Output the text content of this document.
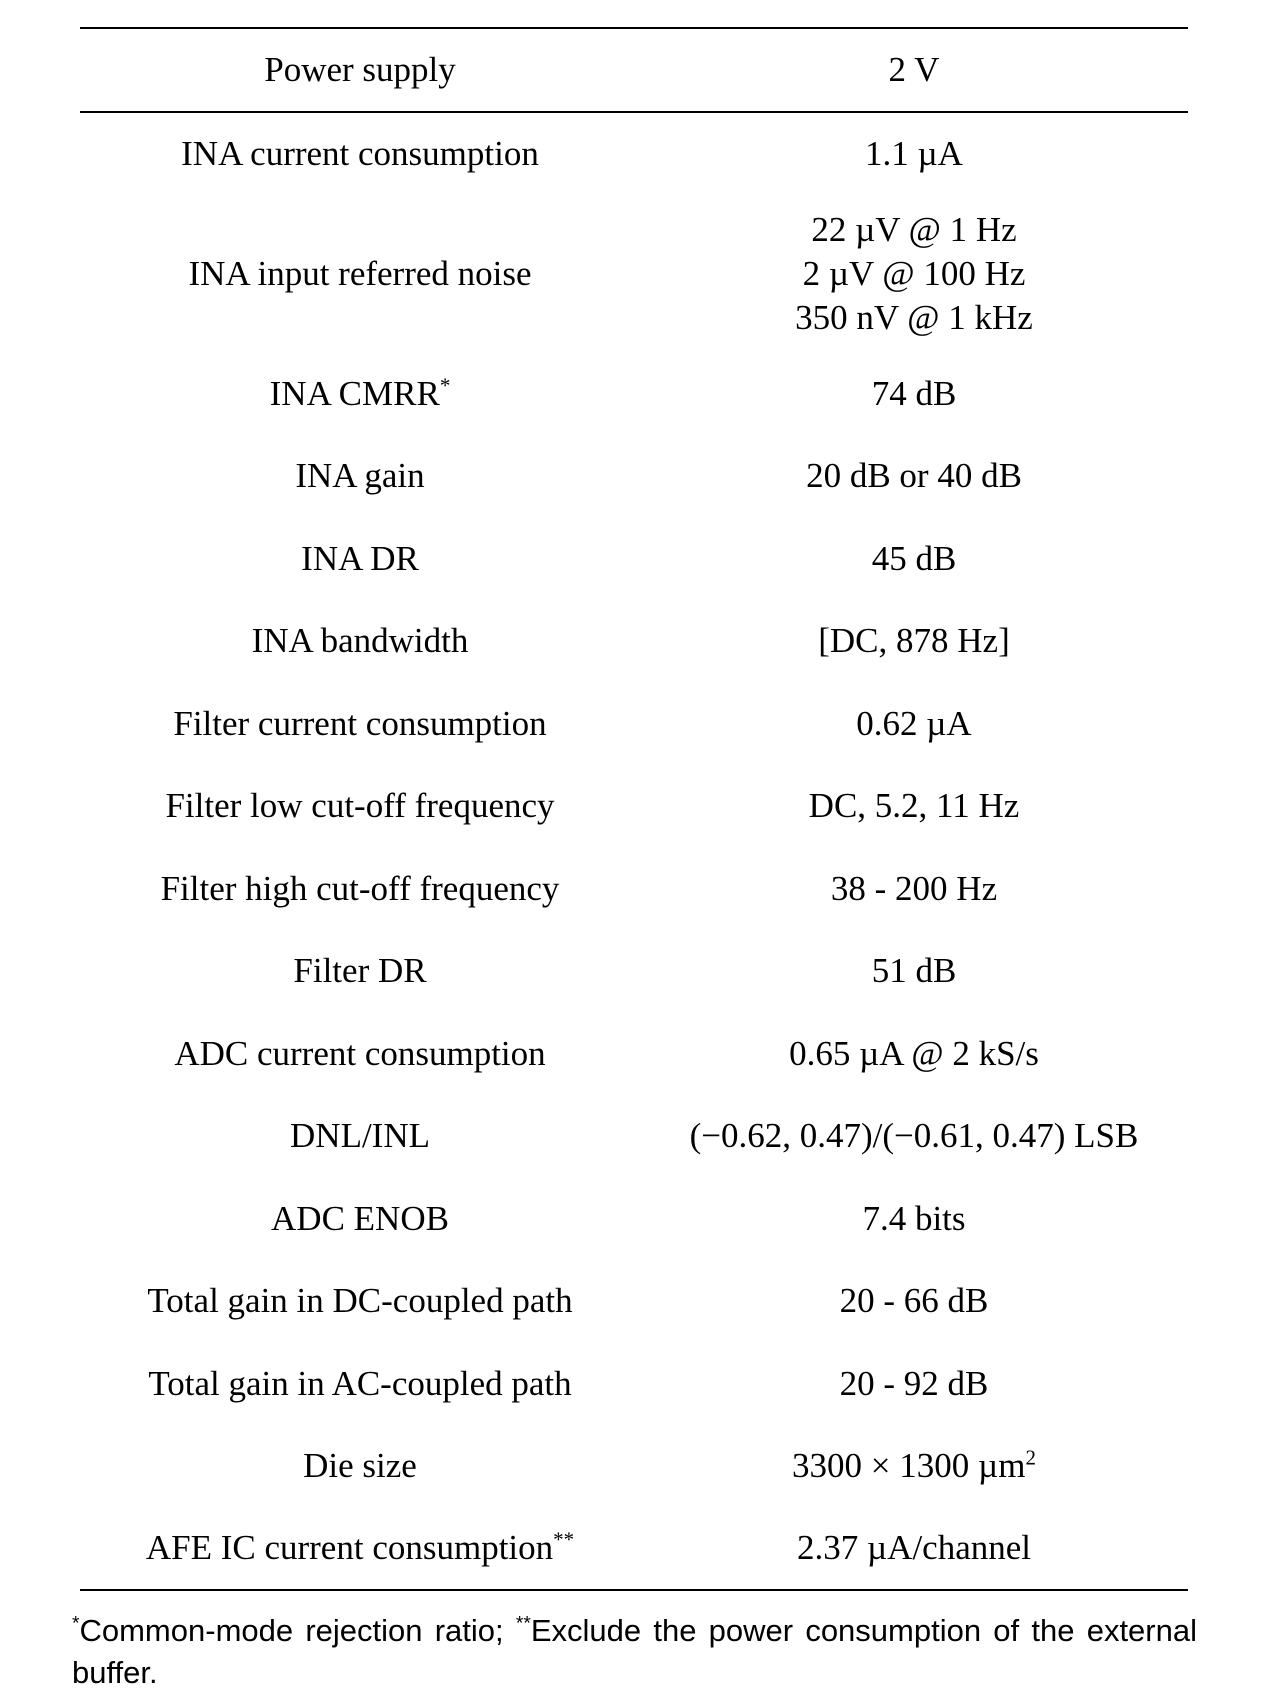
Power supply	2 V
INA current consumption	1.1 µA
INA input referred noise	22 µV @ 1 Hz
2 µV @ 100 Hz
350 nV @ 1 kHz

INA CMRR*	74 dB
INA gain	20 dB or 40 dB
INA DR	45 dB
INA bandwidth	[DC, 878 Hz]
Filter current consumption	0.62 µA
Filter low cut-off frequency	DC, 5.2, 11 Hz
Filter high cut-off frequency	38 - 200 Hz
Filter DR	51 dB
ADC current consumption	0.65 µA @ 2 kS/s
DNL/INL	(−0.62, 0.47)/(−0.61, 0.47) LSB
ADC ENOB	7.4 bits
Total gain in DC-coupled path	20 - 66 dB
Total gain in AC-coupled path	20 - 92 dB
Die size	3300 × 1300 µm$^2$
AFE IC current consumption**	2.37 µA/channel
*Common-mode rejection ratio; **Exclude the power consumption of the external buffer.
